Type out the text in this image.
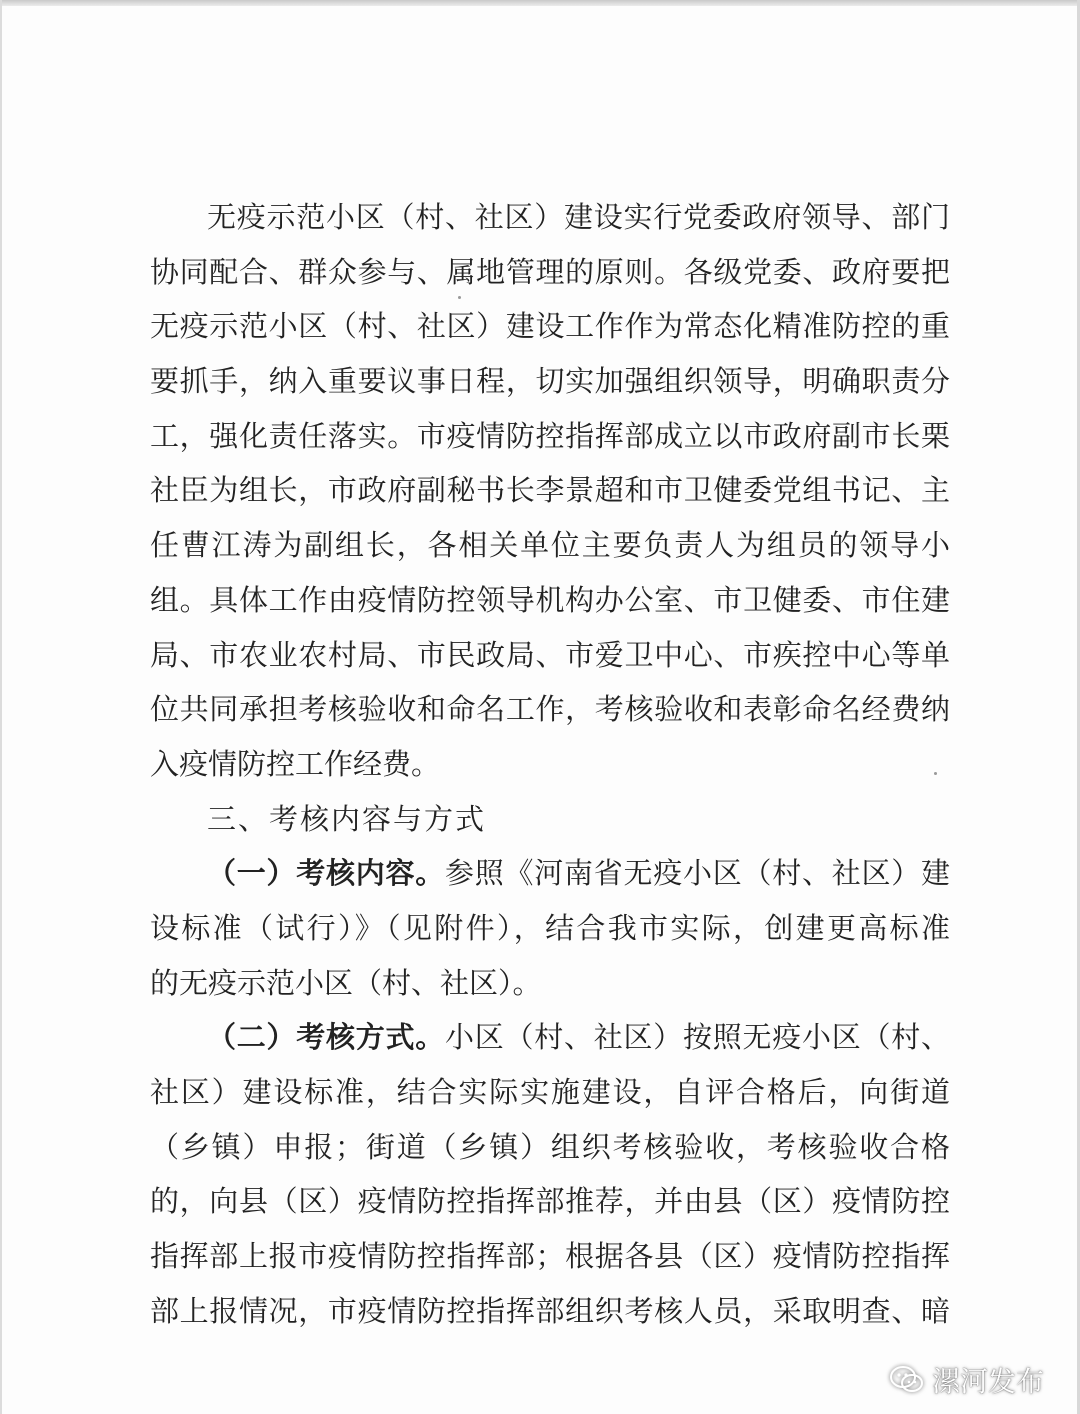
无疫示范小区（村、社区）建设实行党委政府领导、部门
协同配合、群众参与、属地管理的原则。各级党委、政府要把
无疫示范小区（村、社区）建设工作作为常态化精准防控的重
要抓手，纳入重要议事日程，切实加强组织领导，明确职责分
工，强化责任落实。市疫情防控指挥部成立以市政府副市长栗
社臣为组长，市政府副秘书长李景超和市卫健委党组书记、主
任曹江涛为副组长，各相关单位主要负责人为组员的领导小
组。具体工作由疫情防控领导机构办公室、市卫健委、市住建
局、市农业农村局、市民政局、市爱卫中心、市疾控中心等单
位共同承担考核验收和命名工作，考核验收和表彰命名经费纳
入疫情防控工作经费。
三、考核内容与方式
（一）考核内容。参照《河南省无疫小区（村、社区）建
设标准（试行）》（见附件），结合我市实际，创建更高标准
的无疫示范小区（村、社区）。
（二）考核方式。小区（村、社区）按照无疫小区（村、
社区）建设标准，结合实际实施建设，自评合格后，向街道
（乡镇）申报；街道（乡镇）组织考核验收，考核验收合格
的，向县（区）疫情防控指挥部推荐，并由县（区）疫情防控
指挥部上报市疫情防控指挥部；根据各县（区）疫情防控指挥
部上报情况，市疫情防控指挥部组织考核人员，采取明查、暗
漯河发布
